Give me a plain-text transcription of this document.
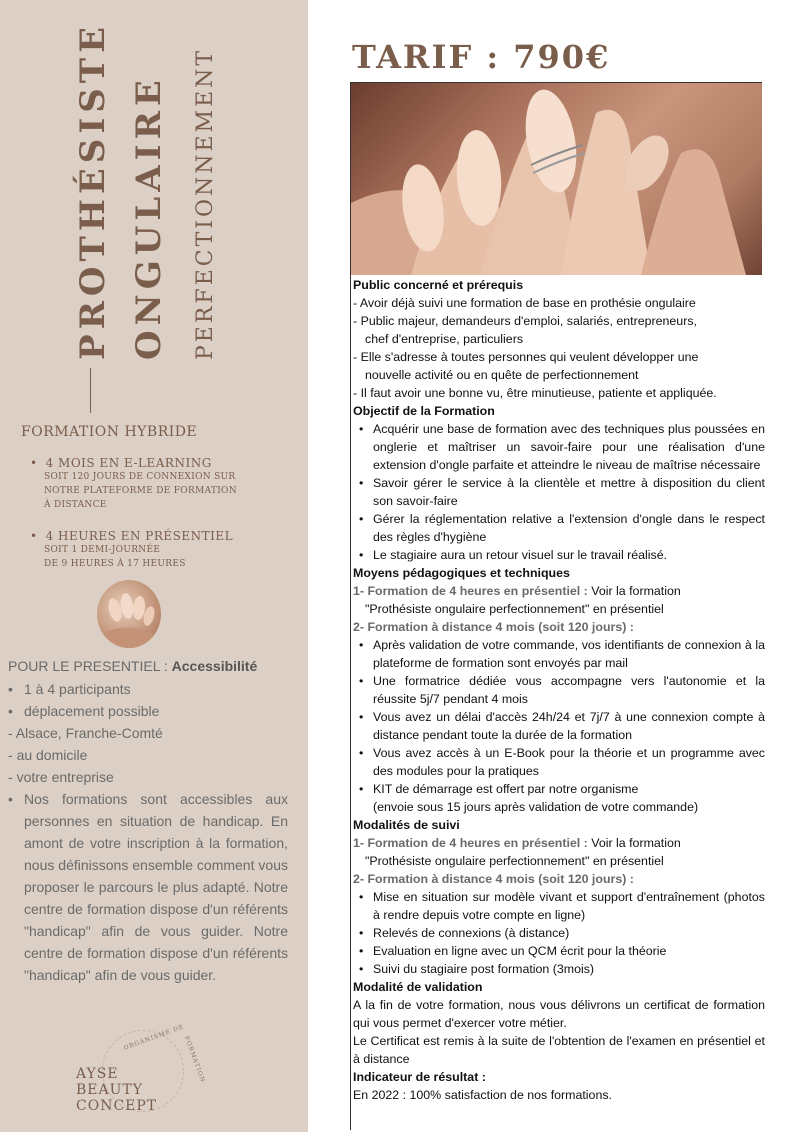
PROTHÉSISTE ONGULAIRE PERFECTIONNEMENT
FORMATION HYBRIDE
• 4 MOIS EN E-LEARNING
SOIT 120 JOURS DE CONNEXION SUR
NOTRE PLATEFORME DE FORMATION
À DISTANCE
• 4 HEURES EN PRÉSENTIEL
SOIT 1 DEMI-JOURNÉE
DE 9 HEURES À 17 HEURES
POUR LE PRESENTIEL : Accessibilité
• 1 à 4 participants
• déplacement possible
- Alsace, Franche-Comté
- au domicile
- votre entreprise
• Nos formations sont accessibles aux personnes en situation de handicap. En amont de votre inscription à la formation, nous définissons ensemble comment vous proposer le parcours le plus adapté. Notre centre de formation dispose d'un référents "handicap" afin de vous guider. Notre centre de formation dispose d'un référents "handicap" afin de vous guider.
ORGANISME DE
FORMATION
AYSE
BEAUTY
CONCEPT
TARIF : 790€
Public concerné et prérequis
- Avoir déjà suivi une formation de base en prothésie ongulaire
- Public majeur, demandeurs d'emploi, salariés, entrepreneurs,
chef d'entreprise, particuliers
- Elle s'adresse à toutes personnes qui veulent développer une
nouvelle activité ou en quête de perfectionnement
- Il faut avoir une bonne vu, être minutieuse, patiente et appliquée.
Objectif de la Formation
• Acquérir une base de formation avec des techniques plus poussées en onglerie et maîtriser un savoir-faire pour une réalisation d'une extension d'ongle parfaite et atteindre le niveau de maîtrise nécessaire
• Savoir gérer le service à la clientèle et mettre à disposition du client son savoir-faire
• Gérer la réglementation relative a l'extension d'ongle dans le respect des règles d'hygiène
• Le stagiaire aura un retour visuel sur le travail réalisé.
Moyens pédagogiques et techniques
1- Formation de 4 heures en présentiel : Voir la formation
"Prothésiste ongulaire perfectionnement" en présentiel
2- Formation à distance 4 mois (soit 120 jours) :
• Après validation de votre commande, vos identifiants de connexion à la plateforme de formation sont envoyés par mail
• Une formatrice dédiée vous accompagne vers l'autonomie et la réussite 5j/7 pendant 4 mois
• Vous avez un délai d'accès 24h/24 et 7j/7 à une connexion compte à distance pendant toute la durée de la formation
• Vous avez accès à un E-Book pour la théorie et un programme avec des modules pour la pratiques
• KIT de démarrage est offert par notre organisme
(envoie sous 15 jours après validation de votre commande)
Modalités de suivi
1- Formation de 4 heures en présentiel : Voir la formation
"Prothésiste ongulaire perfectionnement" en présentiel
2- Formation à distance 4 mois (soit 120 jours) :
• Mise en situation sur modèle vivant et support d'entraînement (photos à rendre depuis votre compte en ligne)
• Relevés de connexions (à distance)
• Evaluation en ligne avec un QCM écrit pour la théorie
• Suivi du stagiaire post formation (3mois)
Modalité de validation
A la fin de votre formation, nous vous délivrons un certificat de formation qui vous permet d'exercer votre métier.
Le Certificat est remis à la suite de l'obtention de l'examen en présentiel et à distance
Indicateur de résultat :
En 2022 : 100% satisfaction de nos formations.
